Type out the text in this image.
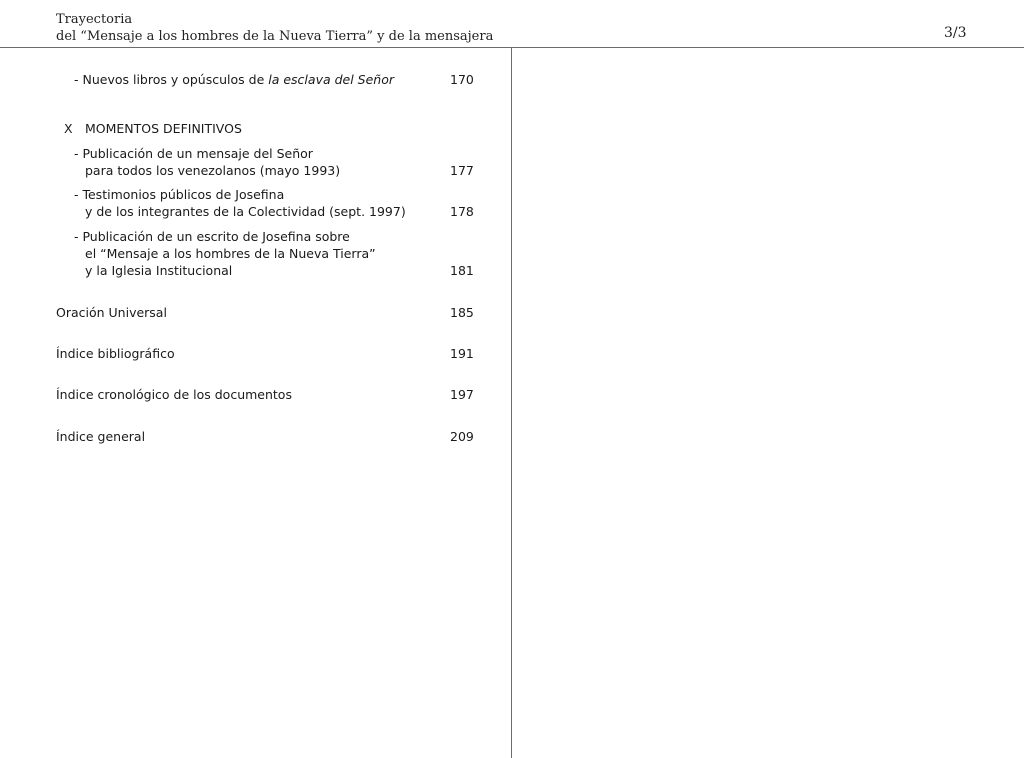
Trayectoria
del “Mensaje a los hombres de la Nueva Tierra” y de la mensajera	3/3
- Nuevos libros y opúsculos de la esclava del Señor	170
X MOMENTOS DEFINITIVOS
- Publicación de un mensaje del Señor
para todos los venezolanos (mayo 1993)	177
- Testimonios públicos de Josefina
y de los integrantes de la Colectividad (sept. 1997)	178
- Publicación de un escrito de Josefina sobre
el “Mensaje a los hombres de la Nueva Tierra”
y la Iglesia Institucional	181
Oración Universal	185
Índice bibliográfico	191
Índice cronológico de los documentos	197
Índice general	209
